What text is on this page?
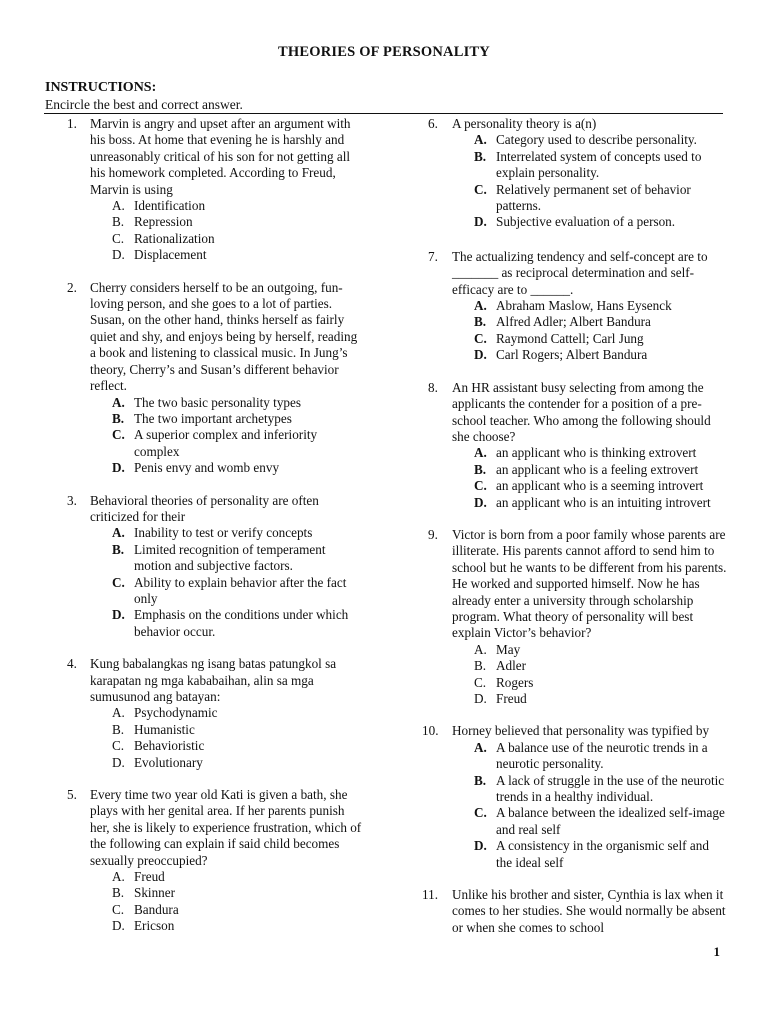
THEORIES OF PERSONALITY
INSTRUCTIONS:
Encircle the best and correct answer.
1. Marvin is angry and upset after an argument with his boss. At home that evening he is harshly and unreasonably critical of his son for not getting all his homework completed. According to Freud, Marvin is using
A. Identification
B. Repression
C. Rationalization
D. Displacement
2. Cherry considers herself to be an outgoing, fun-loving person, and she goes to a lot of parties. Susan, on the other hand, thinks herself as fairly quiet and shy, and enjoys being by herself, reading a book and listening to classical music. In Jung’s theory, Cherry’s and Susan’s different behavior reflect.
A. The two basic personality types
B. The two important archetypes
C. A superior complex and inferiority complex
D. Penis envy and womb envy
3. Behavioral theories of personality are often criticized for their
A. Inability to test or verify concepts
B. Limited recognition of temperament motion and subjective factors.
C. Ability to explain behavior after the fact only
D. Emphasis on the conditions under which behavior occur.
4. Kung babalangkas ng isang batas patungkol sa karapatan ng mga kababaihan, alin sa mga sumusunod ang batayan:
A. Psychodynamic
B. Humanistic
C. Behavioristic
D. Evolutionary
5. Every time two year old Kati is given a bath, she plays with her genital area. If her parents punish her, she is likely to experience frustration, which of the following can explain if said child becomes sexually preoccupied?
A. Freud
B. Skinner
C. Bandura
D. Ericson
6. A personality theory is a(n)
A. Category used to describe personality.
B. Interrelated system of concepts used to explain personality.
C. Relatively permanent set of behavior patterns.
D. Subjective evaluation of a person.
7. The actualizing tendency and self-concept are to _______ as reciprocal determination and self-efficacy are to ______.
A. Abraham Maslow, Hans Eysenck
B. Alfred Adler; Albert Bandura
C. Raymond Cattell; Carl Jung
D. Carl Rogers; Albert Bandura
8. An HR assistant busy selecting from among the applicants the contender for a position of a pre-school teacher. Who among the following should she choose?
A. an applicant who is thinking extrovert
B. an applicant who is a feeling extrovert
C. an applicant who is a seeming introvert
D. an applicant who is an intuiting introvert
9. Victor is born from a poor family whose parents are illiterate. His parents cannot afford to send him to school but he wants to be different from his parents. He worked and supported himself. Now he has already enter a university through scholarship program. What theory of personality will best explain Victor’s behavior?
A. May
B. Adler
C. Rogers
D. Freud
10. Horney believed that personality was typified by
A. A balance use of the neurotic trends in a neurotic personality.
B. A lack of struggle in the use of the neurotic trends in a healthy individual.
C. A balance between the idealized self-image and real self
D. A consistency in the organismic self and the ideal self
11. Unlike his brother and sister, Cynthia is lax when it comes to her studies. She would normally be absent or when she comes to school
1
